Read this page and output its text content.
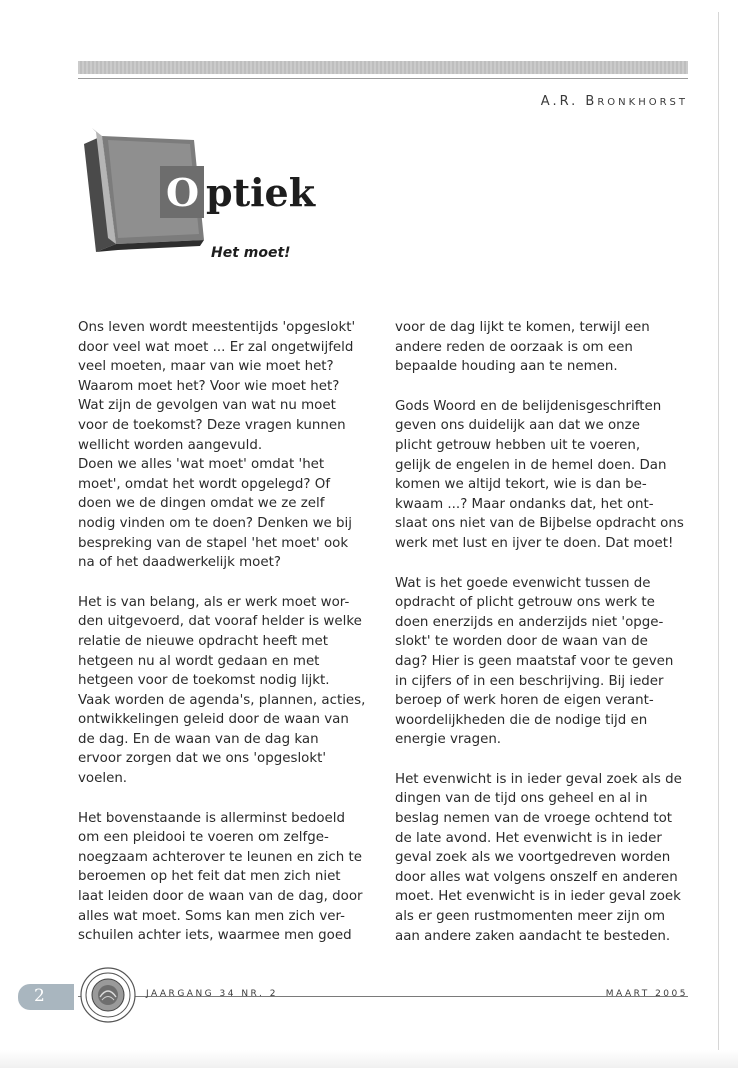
A.R. BRONKHORST
O ptiek
Het moet!

Ons leven wordt meestentijds 'opgeslokt'
door veel wat moet ... Er zal ongetwijfeld
veel moeten, maar van wie moet het?
Waarom moet het? Voor wie moet het?
Wat zijn de gevolgen van wat nu moet
voor de toekomst? Deze vragen kunnen
wellicht worden aangevuld.
Doen we alles 'wat moet' omdat 'het
moet', omdat het wordt opgelegd? Of
doen we de dingen omdat we ze zelf
nodig vinden om te doen? Denken we bij
bespreking van de stapel 'het moet' ook
na of het daadwerkelijk moet?

Het is van belang, als er werk moet wor-
den uitgevoerd, dat vooraf helder is welke
relatie de nieuwe opdracht heeft met
hetgeen nu al wordt gedaan en met
hetgeen voor de toekomst nodig lijkt.
Vaak worden de agenda's, plannen, acties,
ontwikkelingen geleid door de waan van
de dag. En de waan van de dag kan
ervoor zorgen dat we ons 'opgeslokt'
voelen.

Het bovenstaande is allerminst bedoeld
om een pleidooi te voeren om zelfge-
noegzaam achterover te leunen en zich te
beroemen op het feit dat men zich niet
laat leiden door de waan van de dag, door
alles wat moet. Soms kan men zich ver-
schuilen achter iets, waarmee men goed

voor de dag lijkt te komen, terwijl een
andere reden de oorzaak is om een
bepaalde houding aan te nemen.

Gods Woord en de belijdenisgeschriften
geven ons duidelijk aan dat we onze
plicht getrouw hebben uit te voeren,
gelijk de engelen in de hemel doen. Dan
komen we altijd tekort, wie is dan be-
kwaam ...? Maar ondanks dat, het ont-
slaat ons niet van de Bijbelse opdracht ons
werk met lust en ijver te doen. Dat moet!

Wat is het goede evenwicht tussen de
opdracht of plicht getrouw ons werk te
doen enerzijds en anderzijds niet 'opge-
slokt' te worden door de waan van de
dag? Hier is geen maatstaf voor te geven
in cijfers of in een beschrijving. Bij ieder
beroep of werk horen de eigen verant-
woordelijkheden die de nodige tijd en
energie vragen.

Het evenwicht is in ieder geval zoek als de
dingen van de tijd ons geheel en al in
beslag nemen van de vroege ochtend tot
de late avond. Het evenwicht is in ieder
geval zoek als we voortgedreven worden
door alles wat volgens onszelf en anderen
moet. Het evenwicht is in ieder geval zoek
als er geen rustmomenten meer zijn om
aan andere zaken aandacht te besteden.

2	JAARGANG 34 NR. 2	MAART 2005
